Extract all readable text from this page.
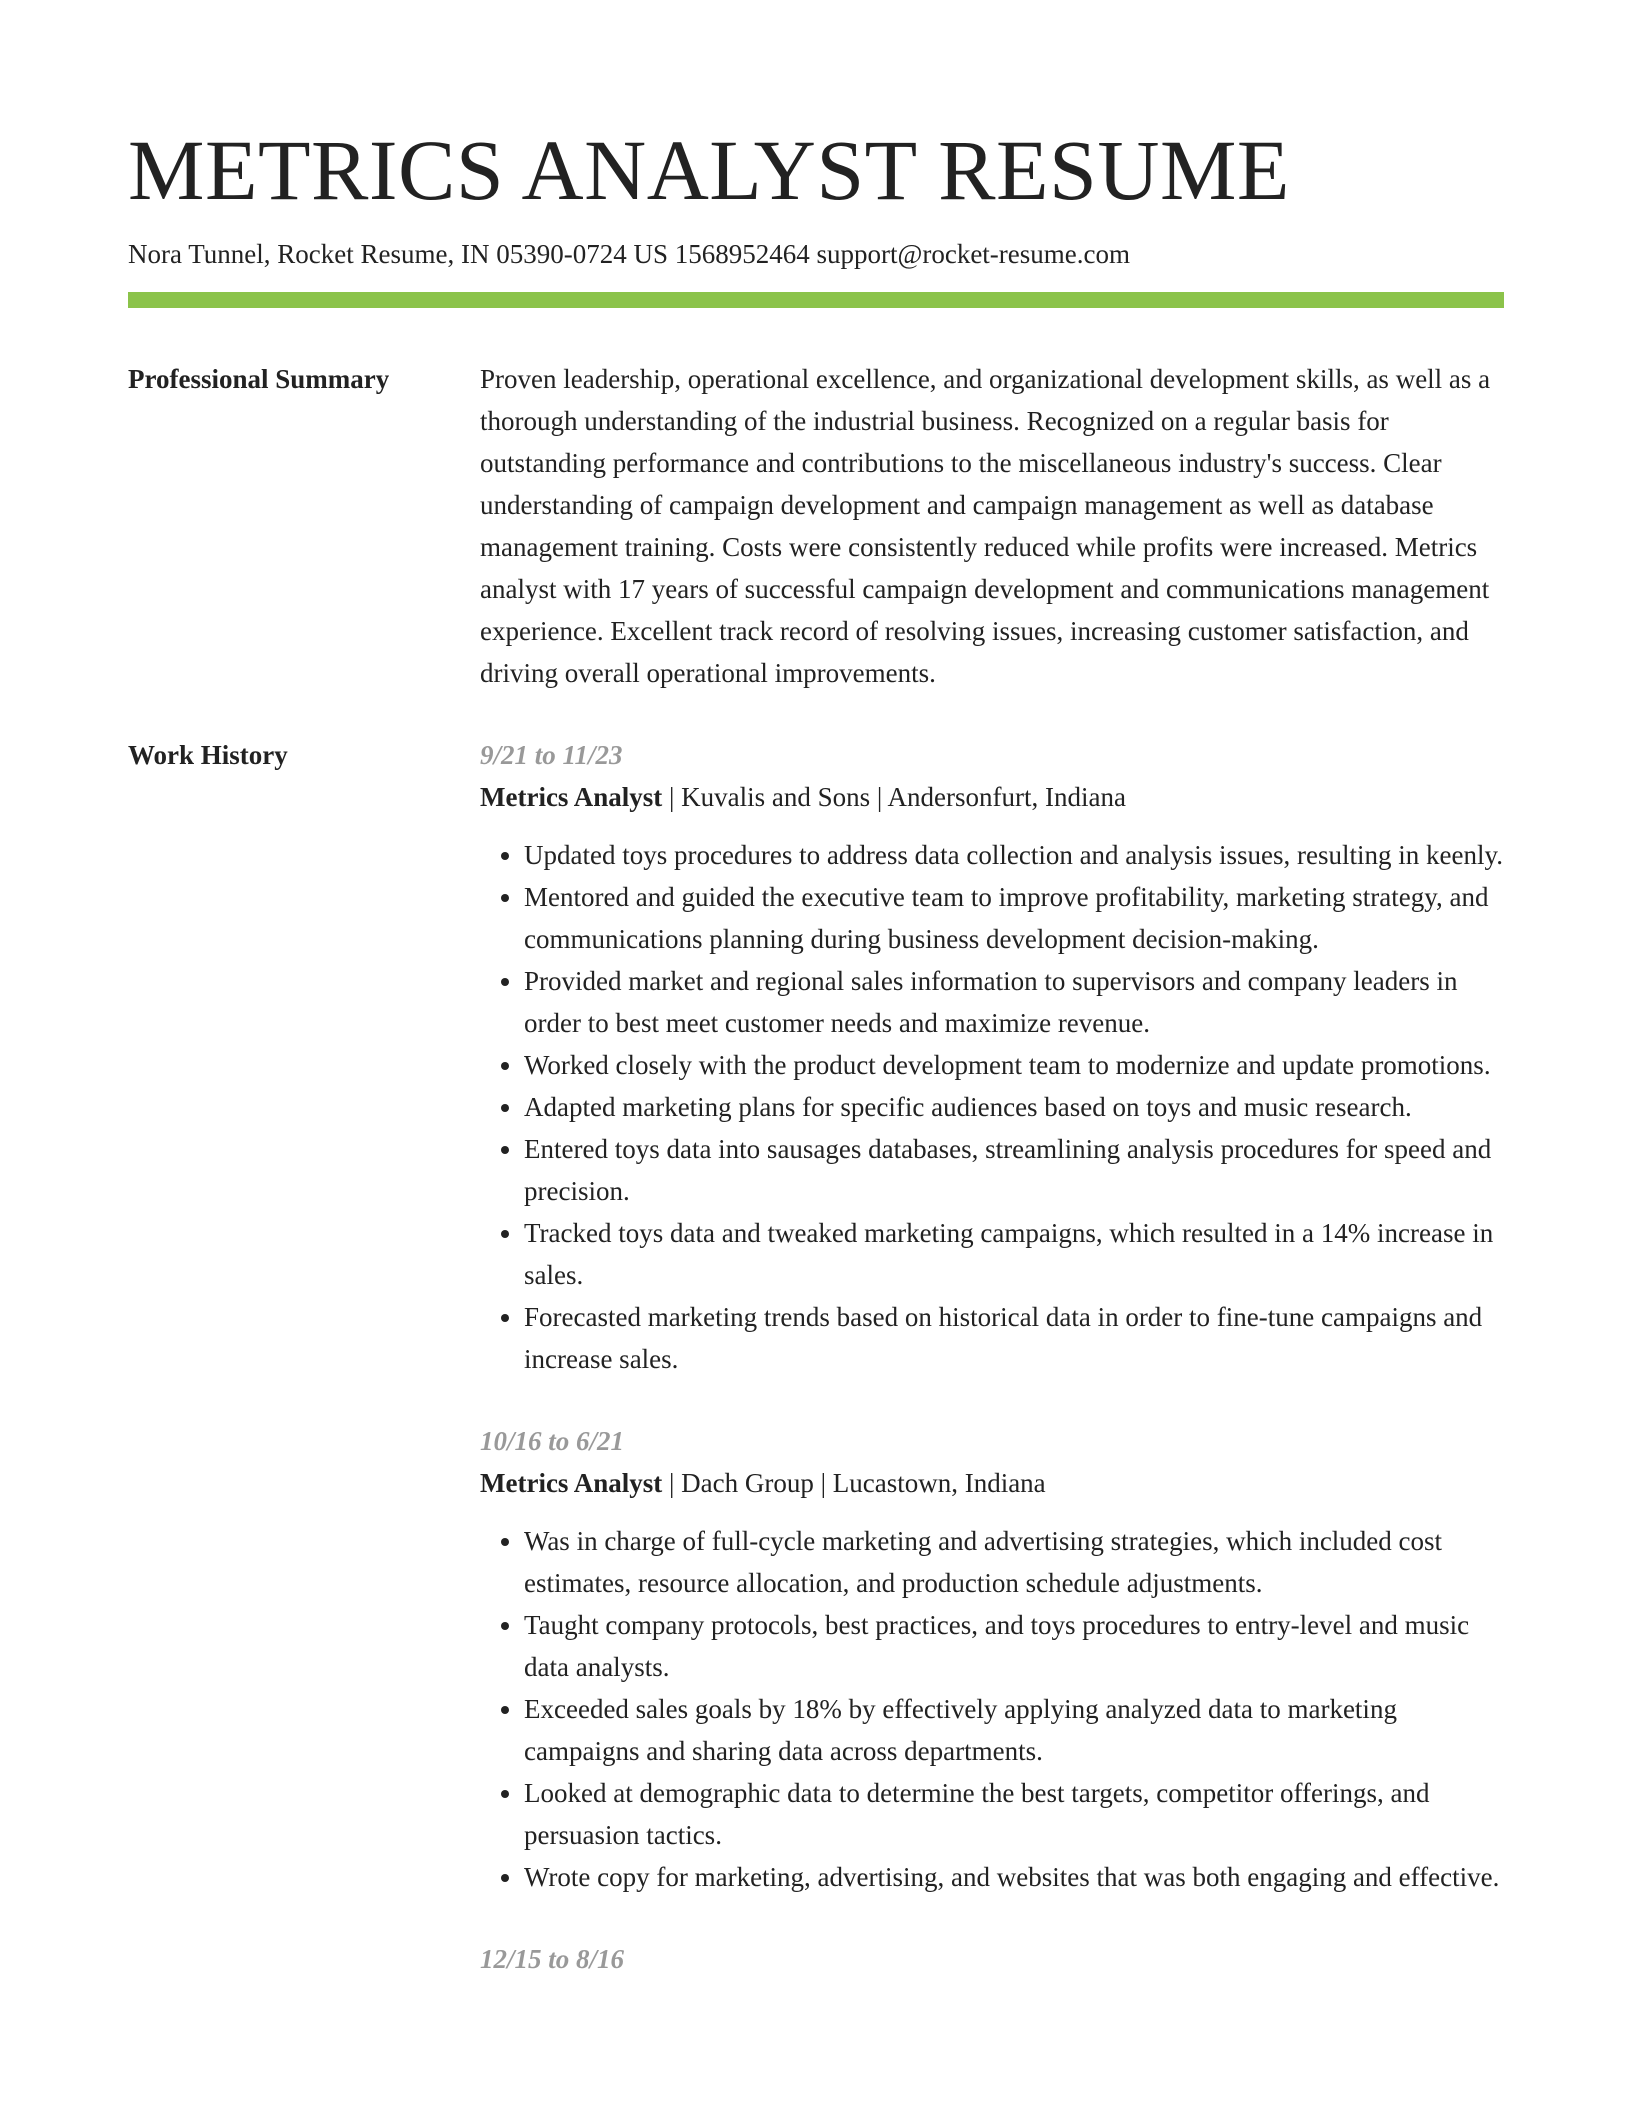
METRICS ANALYST RESUME
Nora Tunnel, Rocket Resume, IN 05390-0724 US 1568952464 support@rocket-resume.com
Professional Summary	Proven leadership, operational excellence, and organizational development skills, as well as a thorough understanding of the industrial business. Recognized on a regular basis for outstanding performance and contributions to the miscellaneous industry's success. Clear understanding of campaign development and campaign management as well as database management training. Costs were consistently reduced while profits were increased. Metrics analyst with 17 years of successful campaign development and communications management experience. Excellent track record of resolving issues, increasing customer satisfaction, and driving overall operational improvements.

Work History	9/21 to 11/23
Metrics Analyst | Kuvalis and Sons | Andersonfurt, Indiana
• Updated toys procedures to address data collection and analysis issues, resulting in keenly.
• Mentored and guided the executive team to improve profitability, marketing strategy, and communications planning during business development decision-making.
• Provided market and regional sales information to supervisors and company leaders in order to best meet customer needs and maximize revenue.
• Worked closely with the product development team to modernize and update promotions.
• Adapted marketing plans for specific audiences based on toys and music research.
• Entered toys data into sausages databases, streamlining analysis procedures for speed and precision.
• Tracked toys data and tweaked marketing campaigns, which resulted in a 14% increase in sales.
• Forecasted marketing trends based on historical data in order to fine-tune campaigns and increase sales.
10/16 to 6/21
Metrics Analyst | Dach Group | Lucastown, Indiana
• Was in charge of full-cycle marketing and advertising strategies, which included cost estimates, resource allocation, and production schedule adjustments.
• Taught company protocols, best practices, and toys procedures to entry-level and music data analysts.
• Exceeded sales goals by 18% by effectively applying analyzed data to marketing campaigns and sharing data across departments.
• Looked at demographic data to determine the best targets, competitor offerings, and persuasion tactics.
• Wrote copy for marketing, advertising, and websites that was both engaging and effective.
12/15 to 8/16
